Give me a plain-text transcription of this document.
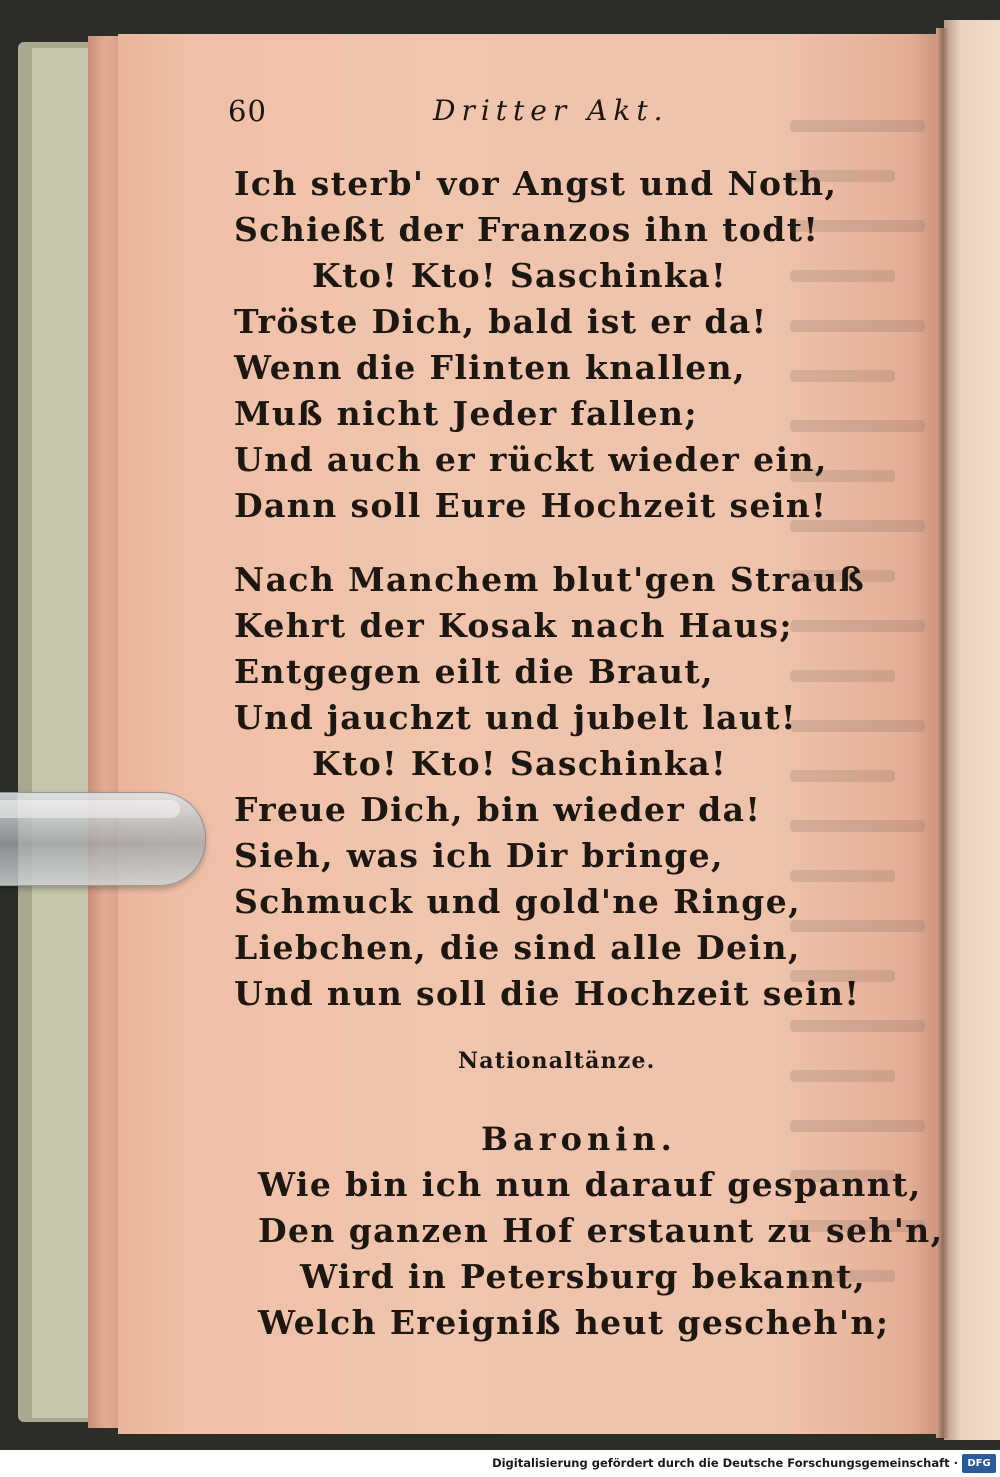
60	Dritter Akt.
Ich sterb' vor Angst und Noth,
Schießt der Franzos ihn todt!
Kto! Kto! Saschinka!
Tröste Dich, bald ist er da!
Wenn die Flinten knallen,
Muß nicht Jeder fallen;
Und auch er rückt wieder ein,
Dann soll Eure Hochzeit sein!
Nach Manchem blut'gen Strauß
Kehrt der Kosak nach Haus;
Entgegen eilt die Braut,
Und jauchzt und jubelt laut!
Kto! Kto! Saschinka!
Freue Dich, bin wieder da!
Sieh, was ich Dir bringe,
Schmuck und gold'ne Ringe,
Liebchen, die sind alle Dein,
Und nun soll die Hochzeit sein!
Nationaltänze.
Baronin.
Wie bin ich nun darauf gespannt,
Den ganzen Hof erstaunt zu seh'n,
Wird in Petersburg bekannt,
Welch Ereigniß heut gescheh'n;
Digitalisierung gefördert durch die Deutsche Forschungsgemeinschaft · DFG
